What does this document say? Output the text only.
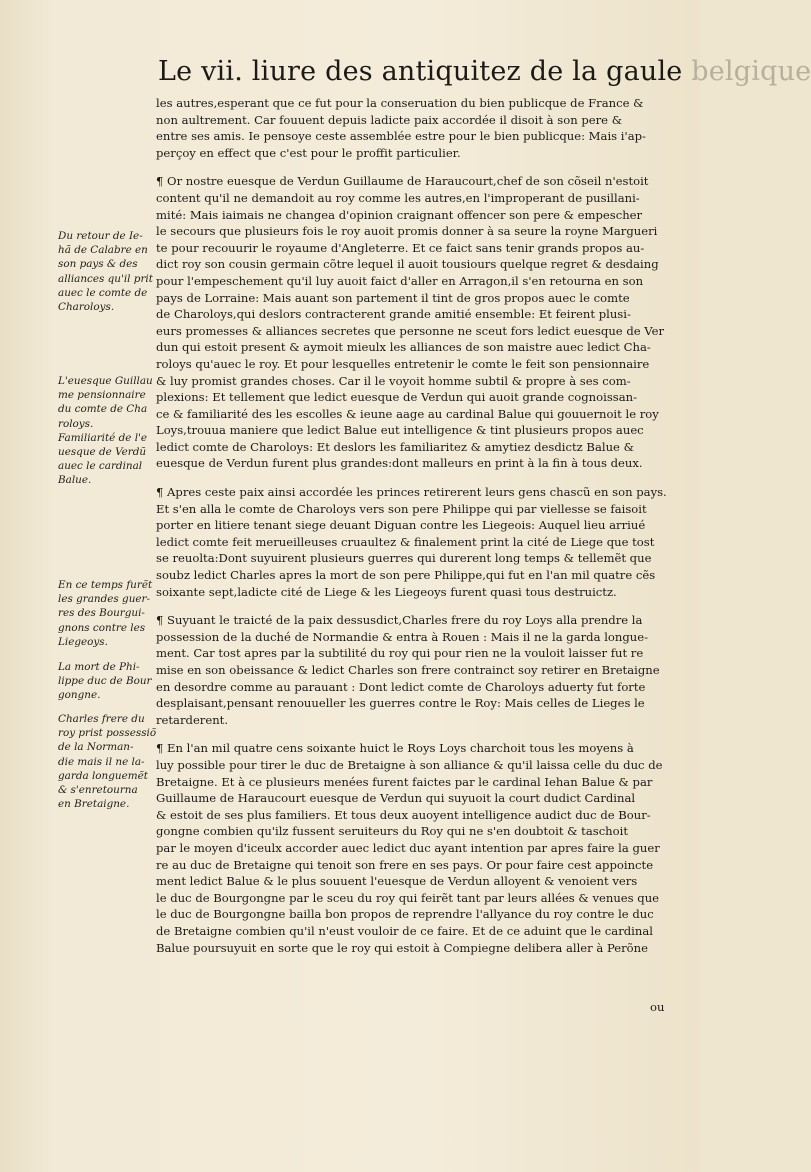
Le vii. liure des antiquitez de la gaule belgique
les autres,esperant que ce fut pour la conseruation du bien publicque de France &
non aultrement. Car fouuent depuis ladicte paix accordée il disoit à son pere &
entre ses amis. Ie pensoye ceste assemblée estre pour le bien publicque: Mais i'ap-
perçoy en effect que c'est pour le proffit particulier.
¶ Or nostre euesque de Verdun Guillaume de Haraucourt,chef de son cõseil n'estoit
content qu'il ne demandoit au roy comme les autres,en l'improperant de pusillani-
mité: Mais iaimais ne changea d'opinion craignant offencer son pere & empescher
le secours que plusieurs fois le roy auoit promis donner à sa seure la royne Margueri
te pour recouurir le royaume d'Angleterre. Et ce faict sans tenir grands propos au-
dict roy son cousin germain cõtre lequel il auoit tousiours quelque regret & desdaing
pour l'empeschement qu'il luy auoit faict d'aller en Arragon,il s'en retourna en son
pays de Lorraine: Mais auant son partement il tint de gros propos auec le comte
de Charoloys,qui deslors contracterent grande amitié ensemble: Et feirent plusi-
eurs promesses & alliances secretes que personne ne sceut fors ledict euesque de Ver
dun qui estoit present & aymoit mieulx les alliances de son maistre auec ledict Cha-
roloys qu'auec le roy. Et pour lesquelles entretenir le comte le feit son pensionnaire
& luy promist grandes choses. Car il le voyoit homme subtil & propre à ses com-
plexions: Et tellement que ledict euesque de Verdun qui auoit grande cognoissan-
ce & familiarité des les escolles & ieune aage au cardinal Balue qui gouuernoit le roy
Loys,trouua maniere que ledict Balue eut intelligence & tint plusieurs propos auec
ledict comte de Charoloys: Et deslors les familiaritez & amytiez desdictz Balue &
euesque de Verdun furent plus grandes:dont malleurs en print à la fin à tous deux.
¶ Apres ceste paix ainsi accordée les princes retirerent leurs gens chascũ en son pays.
Et s'en alla le comte de Charoloys vers son pere Philippe qui par viellesse se faisoit
porter en litiere tenant siege deuant Diguan contre les Liegeois: Auquel lieu arriué
ledict comte feit merueilleuses cruaultez & finalement print la cité de Liege que tost
se reuolta:Dont suyuirent plusieurs guerres qui durerent long temps & tellemẽt que
soubz ledict Charles apres la mort de son pere Philippe,qui fut en l'an mil quatre cẽs
soixante sept,ladicte cité de Liege & les Liegeoys furent quasi tous destruictz.
¶ Suyuant le traicté de la paix dessusdict,Charles frere du roy Loys alla prendre la
possession de la duché de Normandie & entra à Rouen : Mais il ne la garda longue-
ment. Car tost apres par la subtilité du roy qui pour rien ne la vouloit laisser fut re
mise en son obeissance & ledict Charles son frere contrainct soy retirer en Bretaigne
en desordre comme au parauant : Dont ledict comte de Charoloys aduerty fut forte
desplaisant,pensant renouueller les guerres contre le Roy: Mais celles de Lieges le
retarderent.
¶ En l'an mil quatre cens soixante huict le Roys Loys charchoit tous les moyens à
luy possible pour tirer le duc de Bretaigne à son alliance & qu'il laissa celle du duc de
Bretaigne. Et à ce plusieurs menées furent faictes par le cardinal Iehan Balue & par
Guillaume de Haraucourt euesque de Verdun qui suyuoit la court dudict Cardinal
& estoit de ses plus familiers. Et tous deux auoyent intelligence audict duc de Bour-
gongne combien qu'ilz fussent seruiteurs du Roy qui ne s'en doubtoit & taschoit
par le moyen d'iceulx accorder auec ledict duc ayant intention par apres faire la guer
re au duc de Bretaigne qui tenoit son frere en ses pays. Or pour faire cest appoincte
ment ledict Balue & le plus souuent l'euesque de Verdun alloyent & venoient vers
le duc de Bourgongne par le sceu du roy qui feirẽt tant par leurs allées & venues que
le duc de Bourgongne bailla bon propos de reprendre l'allyance du roy contre le duc
de Bretaigne combien qu'il n'eust vouloir de ce faire. Et de ce aduint que le cardinal
Balue poursuyuit en sorte que le roy qui estoit à Compiegne delibera aller à Perõne
ou
Du retour de Ie-
hã de Calabre en
son pays & des
alliances qu'il prit
auec le comte de
Charoloys.
L'euesque Guillau
me pensionnaire
du comte de Cha
roloys.
Familiarité de l'e
uesque de Verdũ
auec le cardinal
Balue.
En ce temps furẽt
les grandes guer-
res des Bourgui-
gnons contre les
Liegeoys.
La mort de Phi-
lippe duc de Bour
gongne.
Charles frere du
roy prist possessiõ
de la Norman-
die mais il ne la-
garda longuemẽt
& s'enretourna
en Bretaigne.
